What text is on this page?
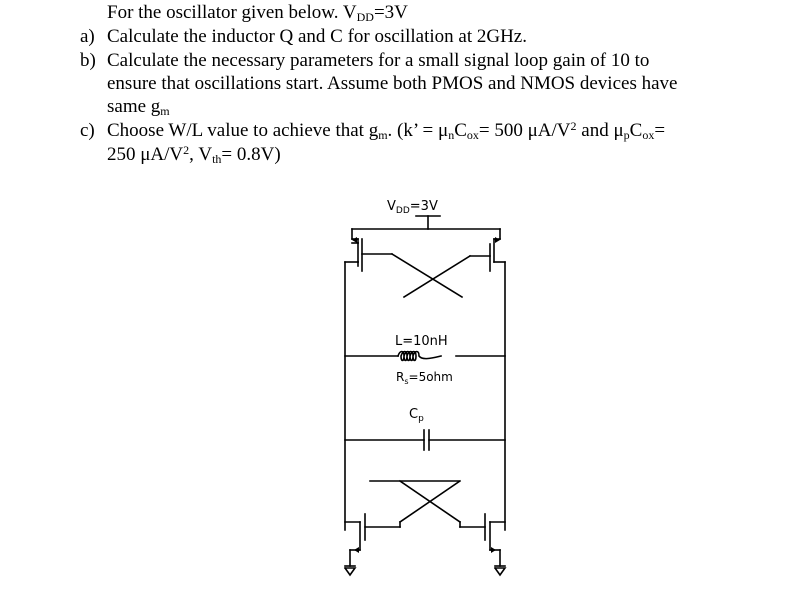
For the oscillator given below. $V_{DD}=3V$
a) Calculate the inductor Q and C for oscillation at 2GHz.
b) Calculate the necessary parameters for a small signal loop gain of 10 to
ensure that oscillations start. Assume both PMOS and NMOS devices have
same $g_m$
c) Choose W/L value to achieve that $g_m$. (k’ = $\mu_nC_{ox}= 500$ $\mu A/V^2$ and $\mu_pC_{ox}=$
250 $\mu A/V^2$, $V_{th}= 0.8V$)
$V_{DD}=3V$
L=10nH
$R_s=5ohm$
$C_p$
